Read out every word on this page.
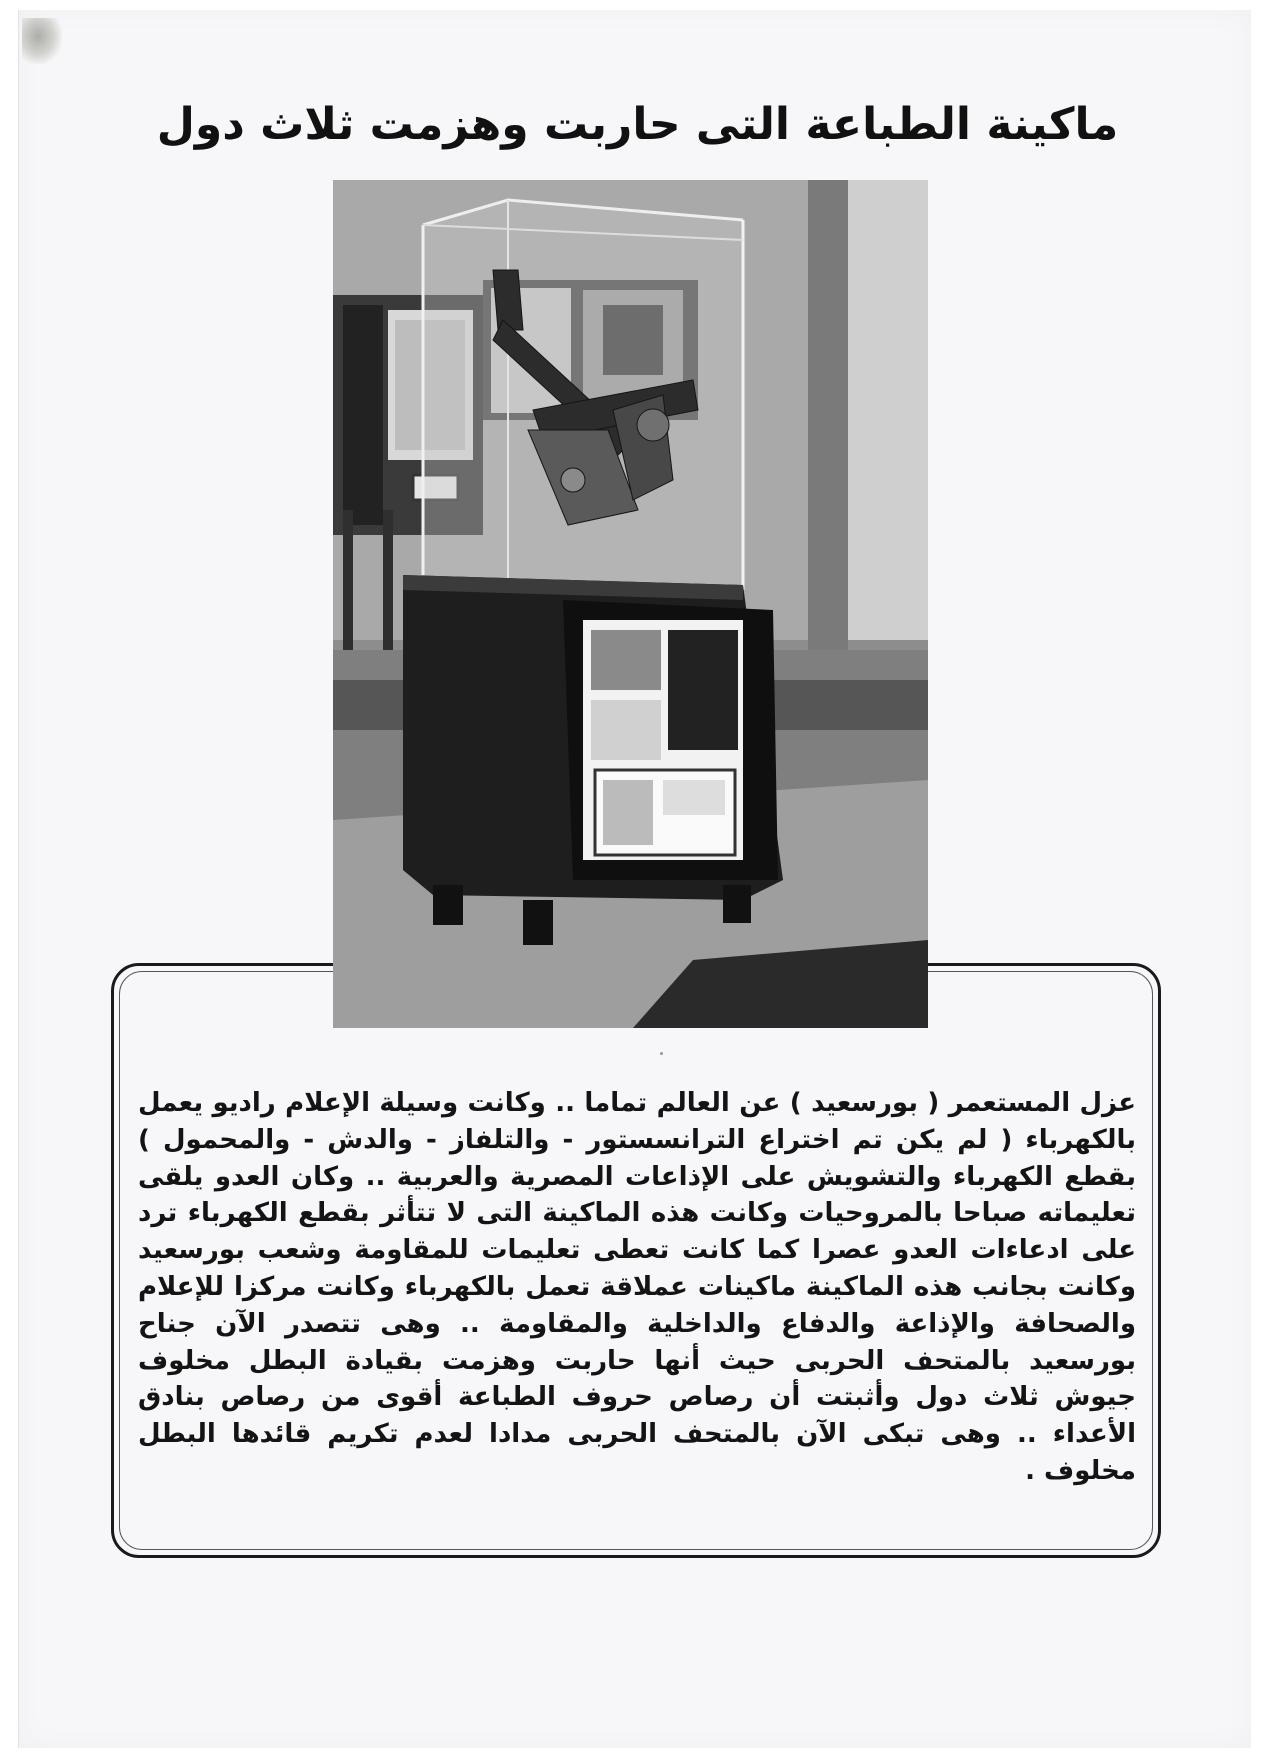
ماكينة الطباعة التى حاربت وهزمت ثلاث دول

عزل المستعمر ( بورسعيد ) عن العالم تماما .. وكانت وسيلة الإعلام راديو يعمل بالكهرباء ( لم يكن تم اختراع الترانسستور - والتلفاز - والدش - والمحمول ) بقطع الكهرباء والتشويش على الإذاعات المصرية والعربية .. وكان العدو يلقى تعليماته صباحا بالمروحيات وكانت هذه الماكينة التى لا تتأثر بقطع الكهرباء ترد على ادعاءات العدو عصرا كما كانت تعطى تعليمات للمقاومة وشعب بورسعيد وكانت بجانب هذه الماكينة ماكينات عملاقة تعمل بالكهرباء وكانت مركزا للإعلام والصحافة والإذاعة والدفاع والداخلية والمقاومة .. وهى تتصدر الآن جناح بورسعيد بالمتحف الحربى حيث أنها حاربت وهزمت بقيادة البطل مخلوف جيوش ثلاث دول وأثبتت أن رصاص حروف الطباعة أقوى من رصاص بنادق الأعداء .. وهى تبكى الآن بالمتحف الحربى مدادا لعدم تكريم قائدها البطل مخلوف .
